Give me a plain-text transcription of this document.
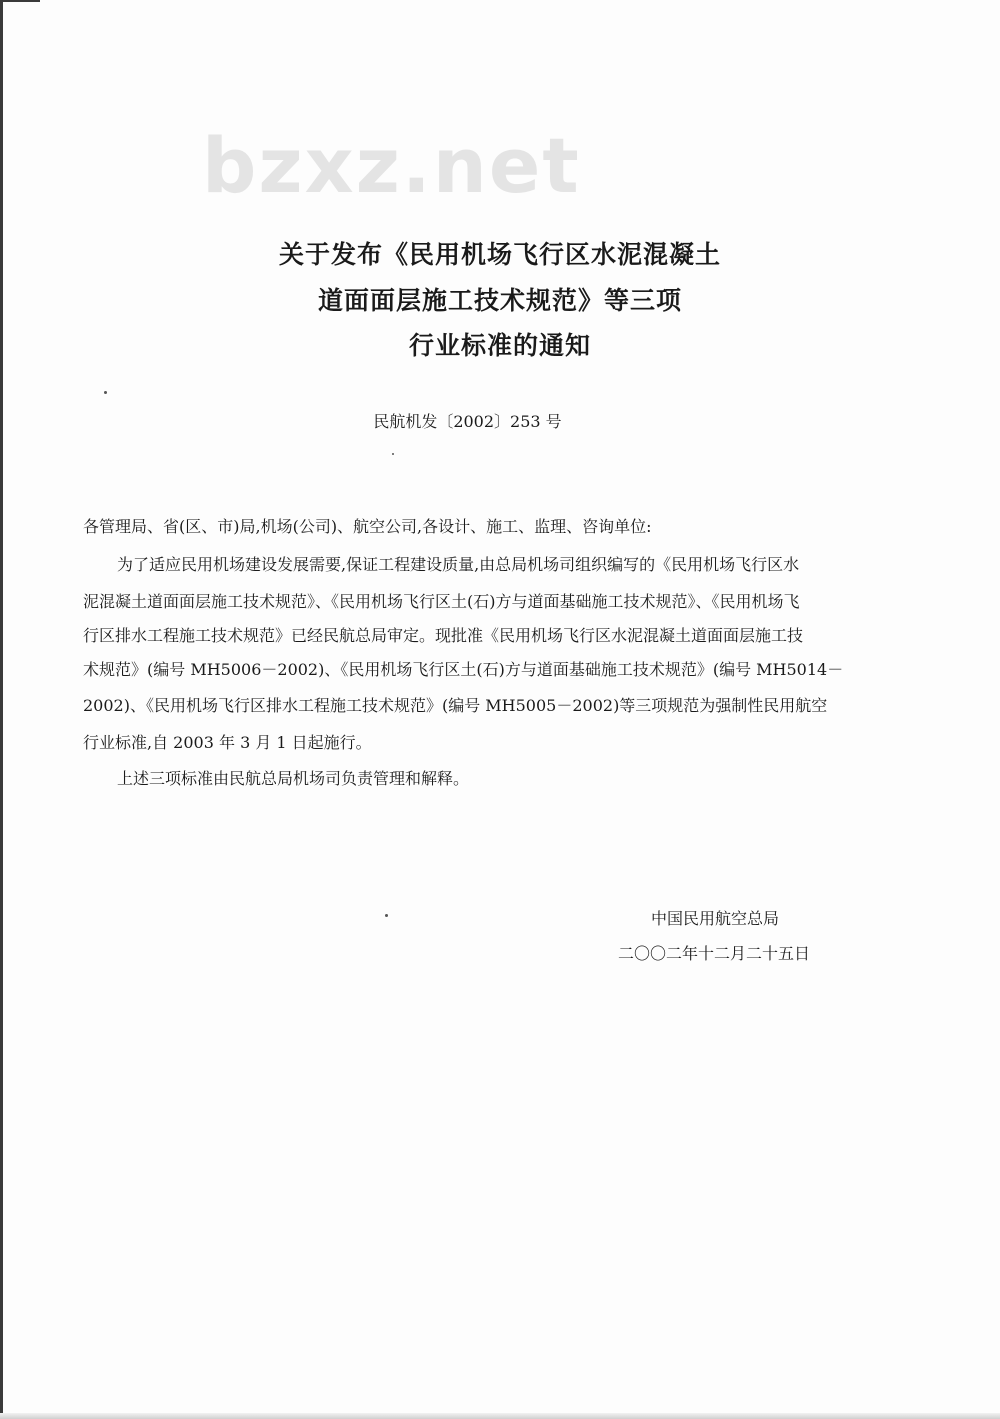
bzxz.net
关于发布《民用机场飞行区水泥混凝土
道面面层施工技术规范》等三项
行业标准的通知
民航机发〔2002〕253 号
各管理局、省(区、市)局,机场(公司)、航空公司,各设计、施工、监理、咨询单位:
为了适应民用机场建设发展需要,保证工程建设质量,由总局机场司组织编写的《民用机场飞行区水
泥混凝土道面面层施工技术规范》、《民用机场飞行区土(石)方与道面基础施工技术规范》、《民用机场飞
行区排水工程施工技术规范》已经民航总局审定。现批准《民用机场飞行区水泥混凝土道面面层施工技
术规范》(编号 MH5006－2002)、《民用机场飞行区土(石)方与道面基础施工技术规范》(编号 MH5014－
2002)、《民用机场飞行区排水工程施工技术规范》(编号 MH5005－2002)等三项规范为强制性民用航空
行业标准,自 2003 年 3 月 1 日起施行。
上述三项标准由民航总局机场司负责管理和解释。
中国民用航空总局
二〇〇二年十二月二十五日
